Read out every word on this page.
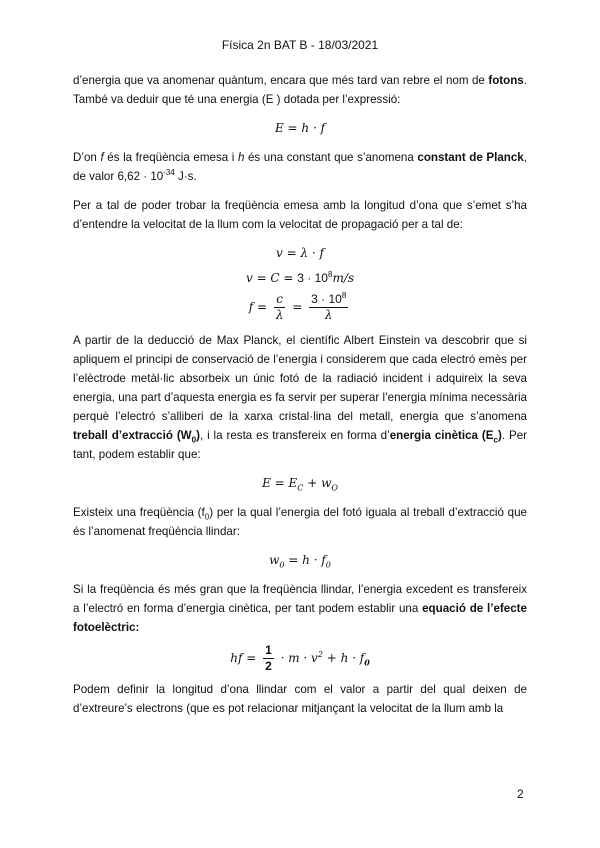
Física 2n BAT B - 18/03/2021

d’energia que va anomenar quàntum, encara que més tard van rebre el nom de fotons. També va deduir que té una energia (E ) dotada per l’expressió:

E = h · f

D’on f és la freqüència emesa i h és una constant que s’anomena constant de Planck, de valor $6,62 \cdot 10^{-34}$ J·s.

Per a tal de poder trobar la freqüència emesa amb la longitud d’ona que s’emet s’ha d’entendre la velocitat de la llum com la velocitat de propagació per a tal de:

v = λ · f
$v = C = 3 \cdot 10^8m/s$
$f = \frac{c}{\lambda} = \frac{3 \cdot 10^8}{\lambda}$

A partir de la deducció de Max Planck, el científic Albert Einstein va descobrir que si apliquem el principi de conservació de l’energia i considerem que cada electró emès per l’elèctrode metàl·lic absorbeix un únic fotó de la radiació incident i adquireix la seva energia, una part d’aquesta energia es fa servir per superar l’energia mínima necessària perquè l’electró s’alliberi de la xarxa cristal·lina del metall, energia que s’anomena treball d’extracció $(W_0)$, i la resta es transfereix en forma d’energia cinètica $(E_c)$. Per tant, podem establir que:

$E = E_C + w_O$

Existeix una freqüència $(f_0)$ per la qual l’energia del fotó iguala al treball d’extracció que és l’anomenat freqüència llindar:

$w_0 = h \cdot f_0$

Si la freqüència és més gran que la freqüència llindar, l’energia excedent es transfereix a l’electró en forma d’energia cinètica, per tant podem establir una equació de l’efecte fotoelèctric:

hf = $\frac{1}{2} \cdot m \cdot v^2 + h \cdot f_0$

Podem definir la longitud d’ona llindar com el valor a partir del qual deixen de d’extreure’s electrons (que es pot relacionar mitjançant la velocitat de la llum amb la

2
